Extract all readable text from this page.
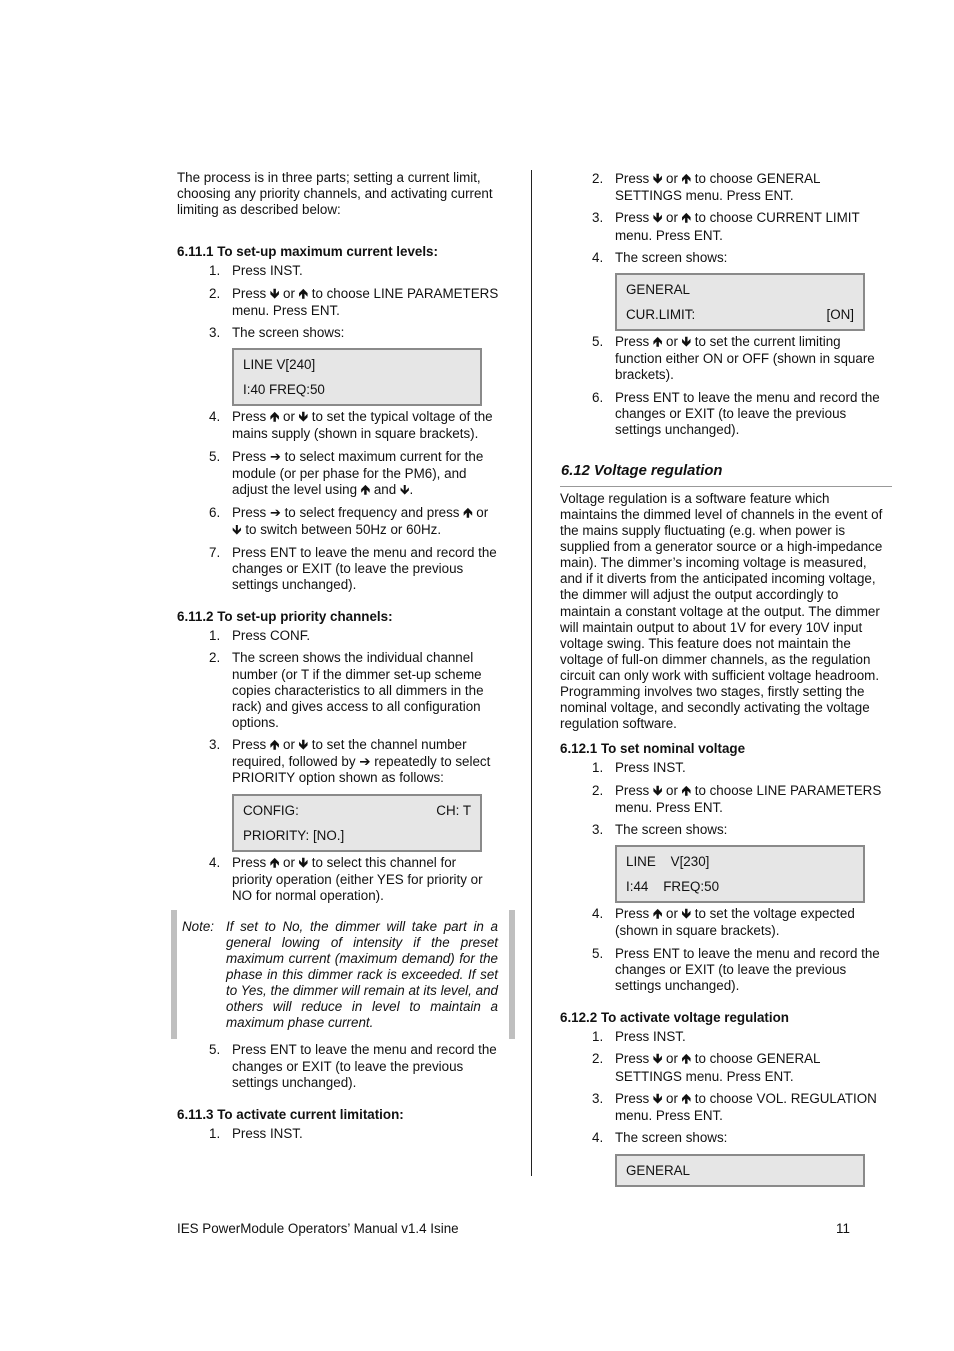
The process is in three parts; setting a current limit, choosing any priority channels, and activating current limiting as described below:

6.11.1 To set-up maximum current levels:
1. Press INST.
2. Press 🡻 or 🡹 to choose LINE PARAMETERS menu. Press ENT.
3. The screen shows:
LINE V[240]
I:40 FREQ:50
4. Press 🡹 or 🡻 to set the typical voltage of the mains supply (shown in square brackets).
5. Press ➔ to select maximum current for the module (or per phase for the PM6), and adjust the level using 🡹 and 🡻.
6. Press ➔ to select frequency and press 🡹 or 🡻 to switch between 50Hz or 60Hz.
7. Press ENT to leave the menu and record the changes or EXIT (to leave the previous settings unchanged).
6.11.2 To set-up priority channels:
1. Press CONF.
2. The screen shows the individual channel number (or T if the dimmer set-up scheme copies characteristics to all dimmers in the rack) and gives access to all configuration options.
3. Press 🡹 or 🡻 to set the channel number required, followed by ➔ repeatedly to select PRIORITY option shown as follows:
CONFIG:	CH: T
PRIORITY: [NO.]
4. Press 🡹 or 🡻 to select this channel for priority operation (either YES for priority or NO for normal operation).
Note: If set to No, the dimmer will take part in a general lowing of intensity if the preset maximum current (maximum demand) for the phase in this dimmer rack is exceeded. If set to Yes, the dimmer will remain at its level, and others will reduce in level to maintain a maximum phase current.
5. Press ENT to leave the menu and record the changes or EXIT (to leave the previous settings unchanged).
6.11.3 To activate current limitation:
1. Press INST.
2. Press 🡻 or 🡹 to choose GENERAL SETTINGS menu. Press ENT.
3. Press 🡻 or 🡹 to choose CURRENT LIMIT menu. Press ENT.
4. The screen shows:
GENERAL
CUR.LIMIT:	[ON]
5. Press 🡹 or 🡻 to set the current limiting function either ON or OFF (shown in square brackets).
6. Press ENT to leave the menu and record the changes or EXIT (to leave the previous settings unchanged).
6.12 Voltage regulation

Voltage regulation is a software feature which maintains the dimmed level of channels in the event of the mains supply fluctuating (e.g. when power is supplied from a generator source or a high-impedance main). The dimmer’s incoming voltage is measured, and if it diverts from the anticipated incoming voltage, the dimmer will adjust the output accordingly to maintain a constant voltage at the output. The dimmer will maintain output to about 1V for every 10V input voltage swing. This feature does not maintain the voltage of full-on dimmer channels, as the regulation circuit can only work with sufficient voltage headroom. Programming involves two stages, firstly setting the nominal voltage, and secondly activating the voltage regulation software.

6.12.1 To set nominal voltage
1. Press INST.
2. Press 🡻 or 🡹 to choose LINE PARAMETERS menu. Press ENT.
3. The screen shows:
LINE    V[230]
I:44    FREQ:50
4. Press 🡹 or 🡻 to set the voltage expected (shown in square brackets).
5. Press ENT to leave the menu and record the changes or EXIT (to leave the previous settings unchanged).
6.12.2 To activate voltage regulation
1. Press INST.
2. Press 🡻 or 🡹 to choose GENERAL SETTINGS menu. Press ENT.
3. Press 🡻 or 🡹 to choose VOL. REGULATION menu. Press ENT.
4. The screen shows:
GENERAL
IES PowerModule Operators’ Manual v1.4 Isine	11
